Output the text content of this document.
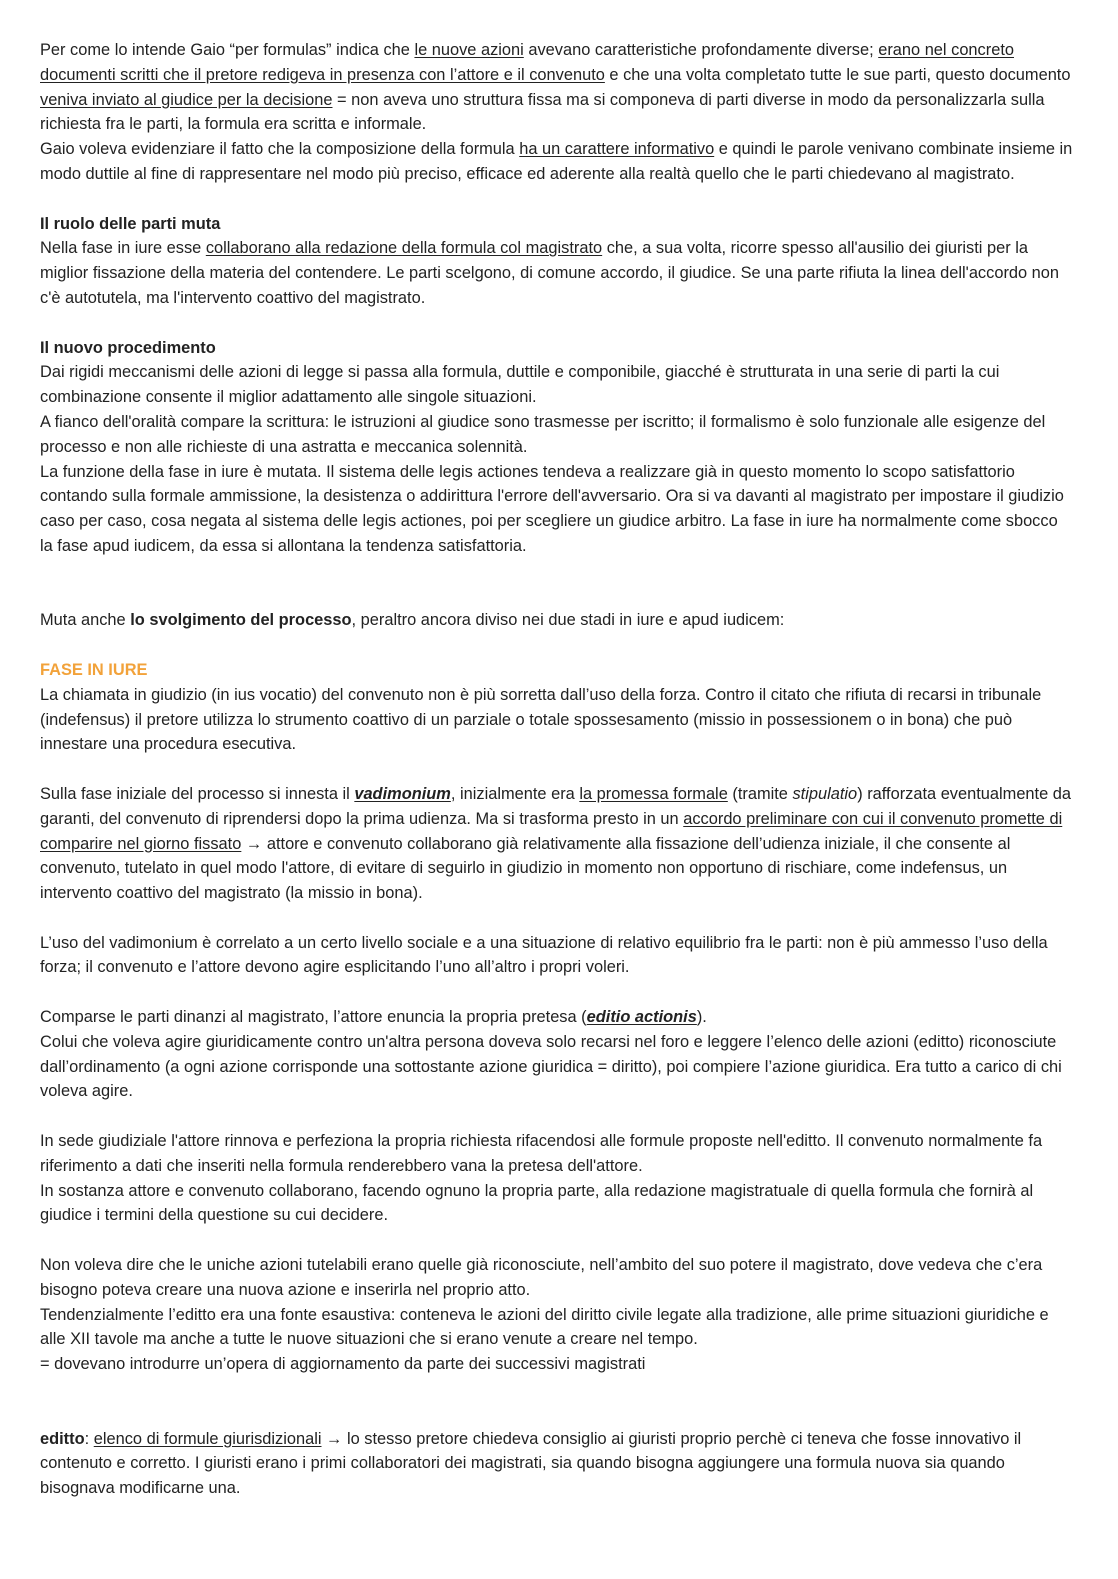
Per come lo intende Gaio “per formulas” indica che le nuove azioni avevano caratteristiche profondamente diverse; erano nel concreto documenti scritti che il pretore redigeva in presenza con l’attore e il convenuto e che una volta completato tutte le sue parti, questo documento veniva inviato al giudice per la decisione = non aveva uno struttura fissa ma si componeva di parti diverse in modo da personalizzarla sulla richiesta fra le parti, la formula era scritta e informale.

Gaio voleva evidenziare il fatto che la composizione della formula ha un carattere informativo e quindi le parole venivano combinate insieme in modo duttile al fine di rappresentare nel modo più preciso, efficace ed aderente alla realtà quello che le parti chiedevano al magistrato.

Il ruolo delle parti muta

Nella fase in iure esse collaborano alla redazione della formula col magistrato che, a sua volta, ricorre spesso all'ausilio dei giuristi per la miglior fissazione della materia del contendere. Le parti scelgono, di comune accordo, il giudice. Se una parte rifiuta la linea dell'accordo non c'è autotutela, ma l'intervento coattivo del magistrato.

Il nuovo procedimento

Dai rigidi meccanismi delle azioni di legge si passa alla formula, duttile e componibile, giacché è strutturata in una serie di parti la cui combinazione consente il miglior adattamento alle singole situazioni.

A fianco dell'oralità compare la scrittura: le istruzioni al giudice sono trasmesse per iscritto; il formalismo è solo funzionale alle esigenze del processo e non alle richieste di una astratta e meccanica solennità.

La funzione della fase in iure è mutata. Il sistema delle legis actiones tendeva a realizzare già in questo momento lo scopo satisfattorio contando sulla formale ammissione, la desistenza o addirittura l'errore dell'avversario. Ora si va davanti al magistrato per impostare il giudizio caso per caso, cosa negata al sistema delle legis actiones, poi per scegliere un giudice arbitro. La fase in iure ha normalmente come sbocco la fase apud iudicem, da essa si allontana la tendenza satisfattoria.

Muta anche lo svolgimento del processo, peraltro ancora diviso nei due stadi in iure e apud iudicem:

FASE IN IURE

La chiamata in giudizio (in ius vocatio) del convenuto non è più sorretta dall’uso della forza. Contro il citato che rifiuta di recarsi in tribunale (indefensus) il pretore utilizza lo strumento coattivo di un parziale o totale spossesamento (missio in possessionem o in bona) che può innestare una procedura esecutiva.

Sulla fase iniziale del processo si innesta il vadimonium, inizialmente era la promessa formale (tramite stipulatio) rafforzata eventualmente da garanti, del convenuto di riprendersi dopo la prima udienza. Ma si trasforma presto in un accordo preliminare con cui il convenuto promette di comparire nel giorno fissato → attore e convenuto collaborano già relativamente alla fissazione dell’udienza iniziale, il che consente al convenuto, tutelato in quel modo l'attore, di evitare di seguirlo in giudizio in momento non opportuno di rischiare, come indefensus, un intervento coattivo del magistrato (la missio in bona).

L’uso del vadimonium è correlato a un certo livello sociale e a una situazione di relativo equilibrio fra le parti: non è più ammesso l’uso della forza; il convenuto e l’attore devono agire esplicitando l’uno all’altro i propri voleri.

Comparse le parti dinanzi al magistrato, l’attore enuncia la propria pretesa (editio actionis).

Colui che voleva agire giuridicamente contro un'altra persona doveva solo recarsi nel foro e leggere l’elenco delle azioni (editto) riconosciute dall’ordinamento (a ogni azione corrisponde una sottostante azione giuridica = diritto), poi compiere l’azione giuridica. Era tutto a carico di chi voleva agire.

In sede giudiziale l'attore rinnova e perfeziona la propria richiesta rifacendosi alle formule proposte nell'editto. Il convenuto normalmente fa riferimento a dati che inseriti nella formula renderebbero vana la pretesa dell'attore.

In sostanza attore e convenuto collaborano, facendo ognuno la propria parte, alla redazione magistratuale di quella formula che fornirà al giudice i termini della questione su cui decidere.

Non voleva dire che le uniche azioni tutelabili erano quelle già riconosciute, nell’ambito del suo potere il magistrato, dove vedeva che c’era bisogno poteva creare una nuova azione e inserirla nel proprio atto.

Tendenzialmente l’editto era una fonte esaustiva: conteneva le azioni del diritto civile legate alla tradizione, alle prime situazioni giuridiche e alle XII tavole ma anche a tutte le nuove situazioni che si erano venute a creare nel tempo.

= dovevano introdurre un’opera di aggiornamento da parte dei successivi magistrati

editto: elenco di formule giurisdizionali → lo stesso pretore chiedeva consiglio ai giuristi proprio perchè ci teneva che fosse innovativo il contenuto e corretto. I giuristi erano i primi collaboratori dei magistrati, sia quando bisogna aggiungere una formula nuova sia quando bisognava modificarne una.
